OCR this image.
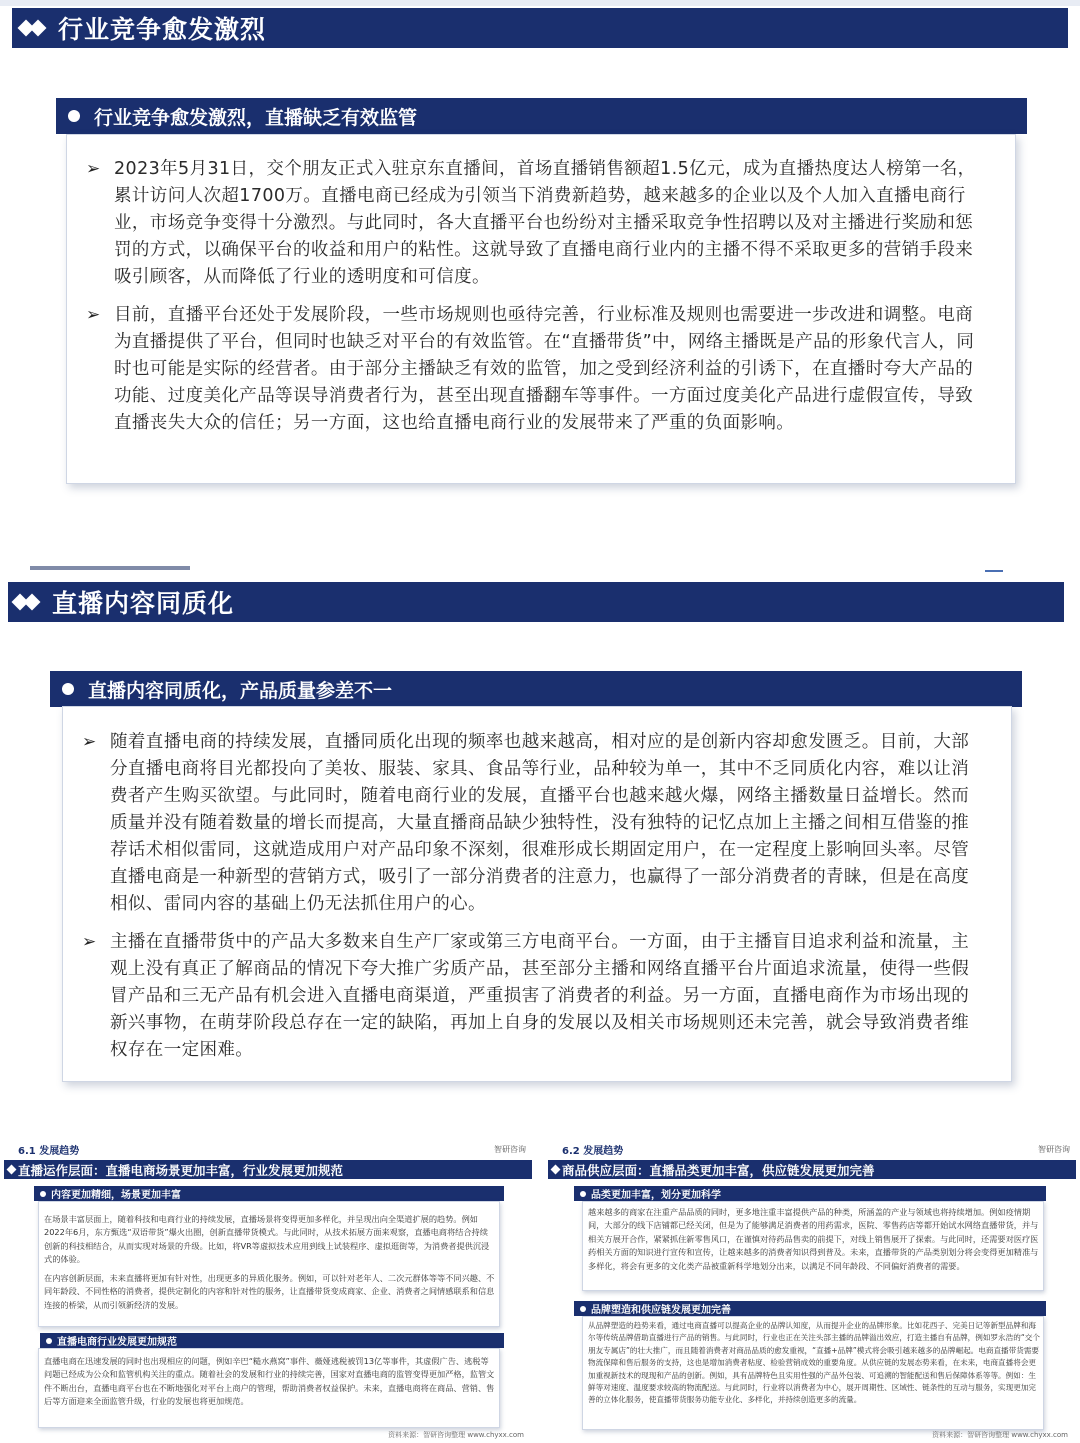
行业竞争愈发激烈
行业竞争愈发激烈，直播缺乏有效监管
➢ 2023年5月31日，交个朋友正式入驻京东直播间，首场直播销售额超1.5亿元，成为直播热度达人榜第一名，累计访问人次超1700万。直播电商已经成为引领当下消费新趋势，越来越多的企业以及个人加入直播电商行业，市场竞争变得十分激烈。与此同时，各大直播平台也纷纷对主播采取竞争性招聘以及对主播进行奖励和惩罚的方式，以确保平台的收益和用户的粘性。这就导致了直播电商行业内的主播不得不采取更多的营销手段来吸引顾客，从而降低了行业的透明度和可信度。
➢ 目前，直播平台还处于发展阶段，一些市场规则也亟待完善，行业标准及规则也需要进一步改进和调整。电商为直播提供了平台，但同时也缺乏对平台的有效监管。在“直播带货”中，网络主播既是产品的形象代言人，同时也可能是实际的经营者。由于部分主播缺乏有效的监管，加之受到经济利益的引诱下，在直播时夸大产品的功能、过度美化产品等误导消费者行为，甚至出现直播翻车等事件。一方面过度美化产品进行虚假宣传，导致直播丧失大众的信任；另一方面，这也给直播电商行业的发展带来了严重的负面影响。
直播内容同质化
直播内容同质化，产品质量参差不一
➢ 随着直播电商的持续发展，直播同质化出现的频率也越来越高，相对应的是创新内容却愈发匮乏。目前，大部分直播电商将目光都投向了美妆、服装、家具、食品等行业，品种较为单一，其中不乏同质化内容，难以让消费者产生购买欲望。与此同时，随着电商行业的发展，直播平台也越来越火爆，网络主播数量日益增长。然而质量并没有随着数量的增长而提高，大量直播商品缺少独特性，没有独特的记忆点加上主播之间相互借鉴的推荐话术相似雷同，这就造成用户对产品印象不深刻，很难形成长期固定用户，在一定程度上影响回头率。尽管直播电商是一种新型的营销方式，吸引了一部分消费者的注意力，也赢得了一部分消费者的青睐，但是在高度相似、雷同内容的基础上仍无法抓住用户的心。
➢ 主播在直播带货中的产品大多数来自生产厂家或第三方电商平台。一方面，由于主播盲目追求利益和流量，主观上没有真正了解商品的情况下夸大推广劣质产品，甚至部分主播和网络直播平台片面追求流量，使得一些假冒产品和三无产品有机会进入直播电商渠道，严重损害了消费者的利益。另一方面，直播电商作为市场出现的新兴事物，在萌芽阶段总存在一定的缺陷，再加上自身的发展以及相关市场规则还未完善，就会导致消费者维权存在一定困难。
6.1 发展趋势	智研咨询
直播运作层面：直播电商场景更加丰富，行业发展更加规范
内容更加精细，场景更加丰富
在场景丰富层面上，随着科技和电商行业的持续发展，直播场景将变得更加多样化，并呈现出向全渠道扩展的趋势。例如2022年6月，东方甄选“双语带货”爆火出圈，创新直播带货模式。与此同时，从技术拓展方面来观察，直播电商将结合持续创新的科技相结合，从而实现对场景的升级。比如，将VR等虚拟技术应用到线上试装程序、虚拟逛街等，为消费者提供沉浸式的体验。
在内容创新层面，未来直播将更加有针对性，出现更多的异质化服务。例如，可以针对老年人、二次元群体等等不同兴趣、不同年龄段、不同性格的消费者，提供定制化的内容和针对性的服务，让直播带货变成商家、企业、消费者之间情感联系和信息连接的桥梁，从而引领新经济的发展。
直播电商行业发展更加规范
直播电商在迅速发展的同时也出现相应的问题，例如辛巴“糙水燕窝”事件、薇娅逃税被罚13亿等事件，其虚假广告、逃税等问题已经成为公众和监管机构关注的重点。随着社会的发展和行业的持续完善，国家对直播电商的监管变得更加严格，监管文件不断出台，直播电商平台也在不断地强化对平台上商户的管理，帮助消费者权益保护。未来，直播电商将在商品、营销、售后等方面迎来全面监管升级，行业的发展也将更加规范。
资料来源：智研咨询整理 www.chyxx.com
6.2 发展趋势	智研咨询
商品供应层面：直播品类更加丰富，供应链发展更加完善
品类更加丰富，划分更加科学
越来越多的商家在注重产品品质的同时，更多地注重丰富提供产品的种类，所涵盖的产业与领域也将持续增加。例如疫情期间，大部分的线下店铺都已经关闭，但是为了能够满足消费者的用药需求，医院、零售药店等都开始试水网络直播带货，并与相关方展开合作，紧紧抓住新零售风口，在谨慎对待药品售卖的前提下，对线上销售展开了探索。与此同时，还需要对医疗医药相关方面的知识进行宣传和宣传，让越来越多的消费者知识得到普及。未来，直播带货的产品类别划分将会变得更加精准与多样化，将会有更多的文化类产品被重新科学地划分出来，以满足不同年龄段、不同偏好消费者的需要。
品牌塑造和供应链发展更加完善
从品牌塑造的趋势来看，通过电商直播可以提高企业的品牌认知度，从而提升企业的品牌形象。比如花西子、完美日记等新型品牌和海尔等传统品牌借助直播进行产品的销售。与此同时，行业也正在关注头部主播的品牌溢出效应，打造主播自有品牌，例如罗永浩的“交个朋友专属店”的壮大推广，而且随着消费者对商品品质的愈发重视，“直播+品牌”模式将会吸引越来越多的品牌崛起。电商直播带货需要物流保障和售后服务的支持，这也是增加消费者粘度、检验营销成效的重要角度。从供应链的发展态势来看，在未来，电商直播将会更加重视新技术的现现和产品的创新。例如，具有品牌特色且实用性强的产品外包装、可追溯的智能配送和售后保障体系等等。例如：生鲜等对速度、温度要求较高的物流配送。与此同时，行业将以消费者为中心，展开周期性、区域性、链条性的互动与服务，实现更加完善的立体化服务，使直播带货服务功能专业化、多样化，并持续创造更多的流量。
资料来源：智研咨询整理 www.chyxx.com
